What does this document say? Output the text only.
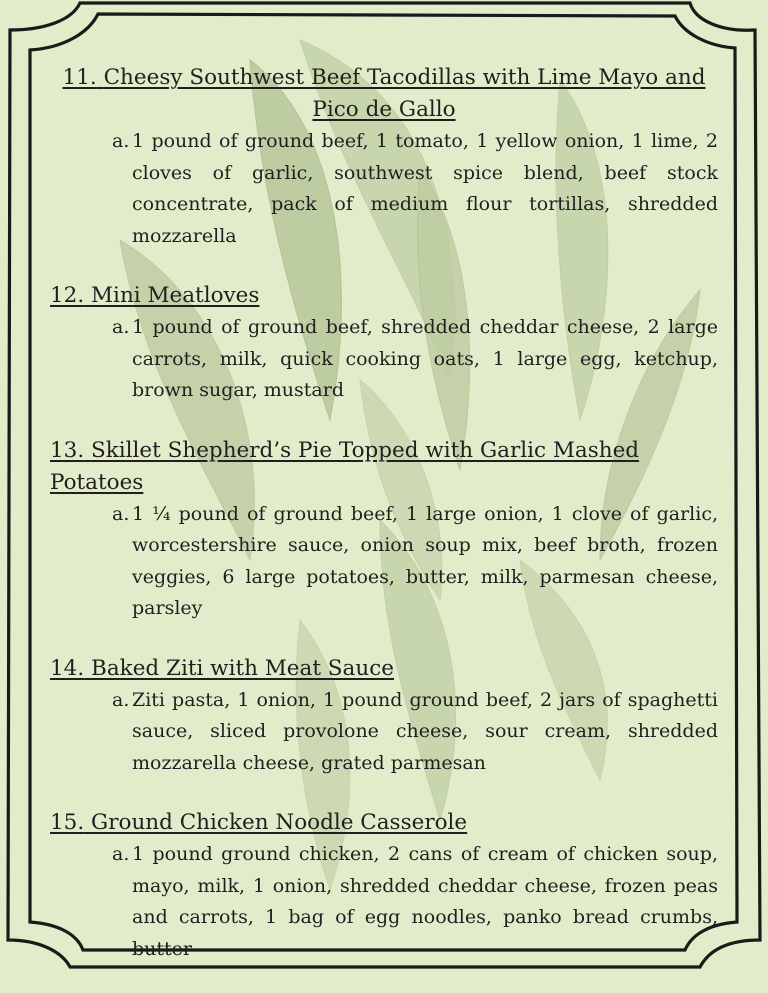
11. Cheesy Southwest Beef Tacodillas with Lime Mayo and Pico de Gallo
a. 1 pound of ground beef, 1 tomato, 1 yellow onion, 1 lime, 2 cloves of garlic, southwest spice blend, beef stock concentrate, pack of medium flour tortillas, shredded mozzarella
12. Mini Meatloves
a. 1 pound of ground beef, shredded cheddar cheese, 2 large carrots, milk, quick cooking oats, 1 large egg, ketchup, brown sugar, mustard
13. Skillet Shepherd’s Pie Topped with Garlic Mashed Potatoes
a. 1 ¼ pound of ground beef, 1 large onion, 1 clove of garlic, worcestershire sauce, onion soup mix, beef broth, frozen veggies, 6 large potatoes, butter, milk, parmesan cheese, parsley
14. Baked Ziti with Meat Sauce
a. Ziti pasta, 1 onion, 1 pound ground beef, 2 jars of spaghetti sauce, sliced provolone cheese, sour cream, shredded mozzarella cheese, grated parmesan
15. Ground Chicken Noodle Casserole
a. 1 pound ground chicken, 2 cans of cream of chicken soup, mayo, milk, 1 onion, shredded cheddar cheese, frozen peas and carrots, 1 bag of egg noodles, panko bread crumbs, butter
